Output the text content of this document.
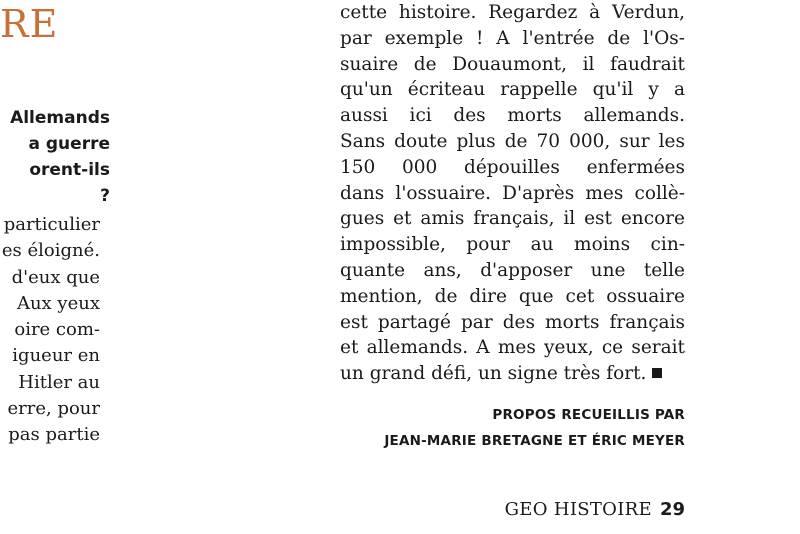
RE
Allemands
a guerre
orent-ils
?
particulier
es éloigné.
d'eux que
Aux yeux
oire com-
igueur en
Hitler au
erre, pour
pas partie
cette histoire. Regardez à Verdun,
par exemple ! A l'entrée de l'Os-
suaire de Douaumont, il faudrait
qu'un écriteau rappelle qu'il y a
aussi ici des morts allemands.
Sans doute plus de 70 000, sur les
150 000 dépouilles enfermées
dans l'ossuaire. D'après mes collè-
gues et amis français, il est encore
impossible, pour au moins cin-
quante ans, d'apposer une telle
mention, de dire que cet ossuaire
est partagé par des morts français
et allemands. A mes yeux, ce serait
un grand défi, un signe très fort.
PROPOS RECUEILLIS PAR
JEAN-MARIE BRETAGNE ET ÉRIC MEYER
GEO HISTOIRE 29
